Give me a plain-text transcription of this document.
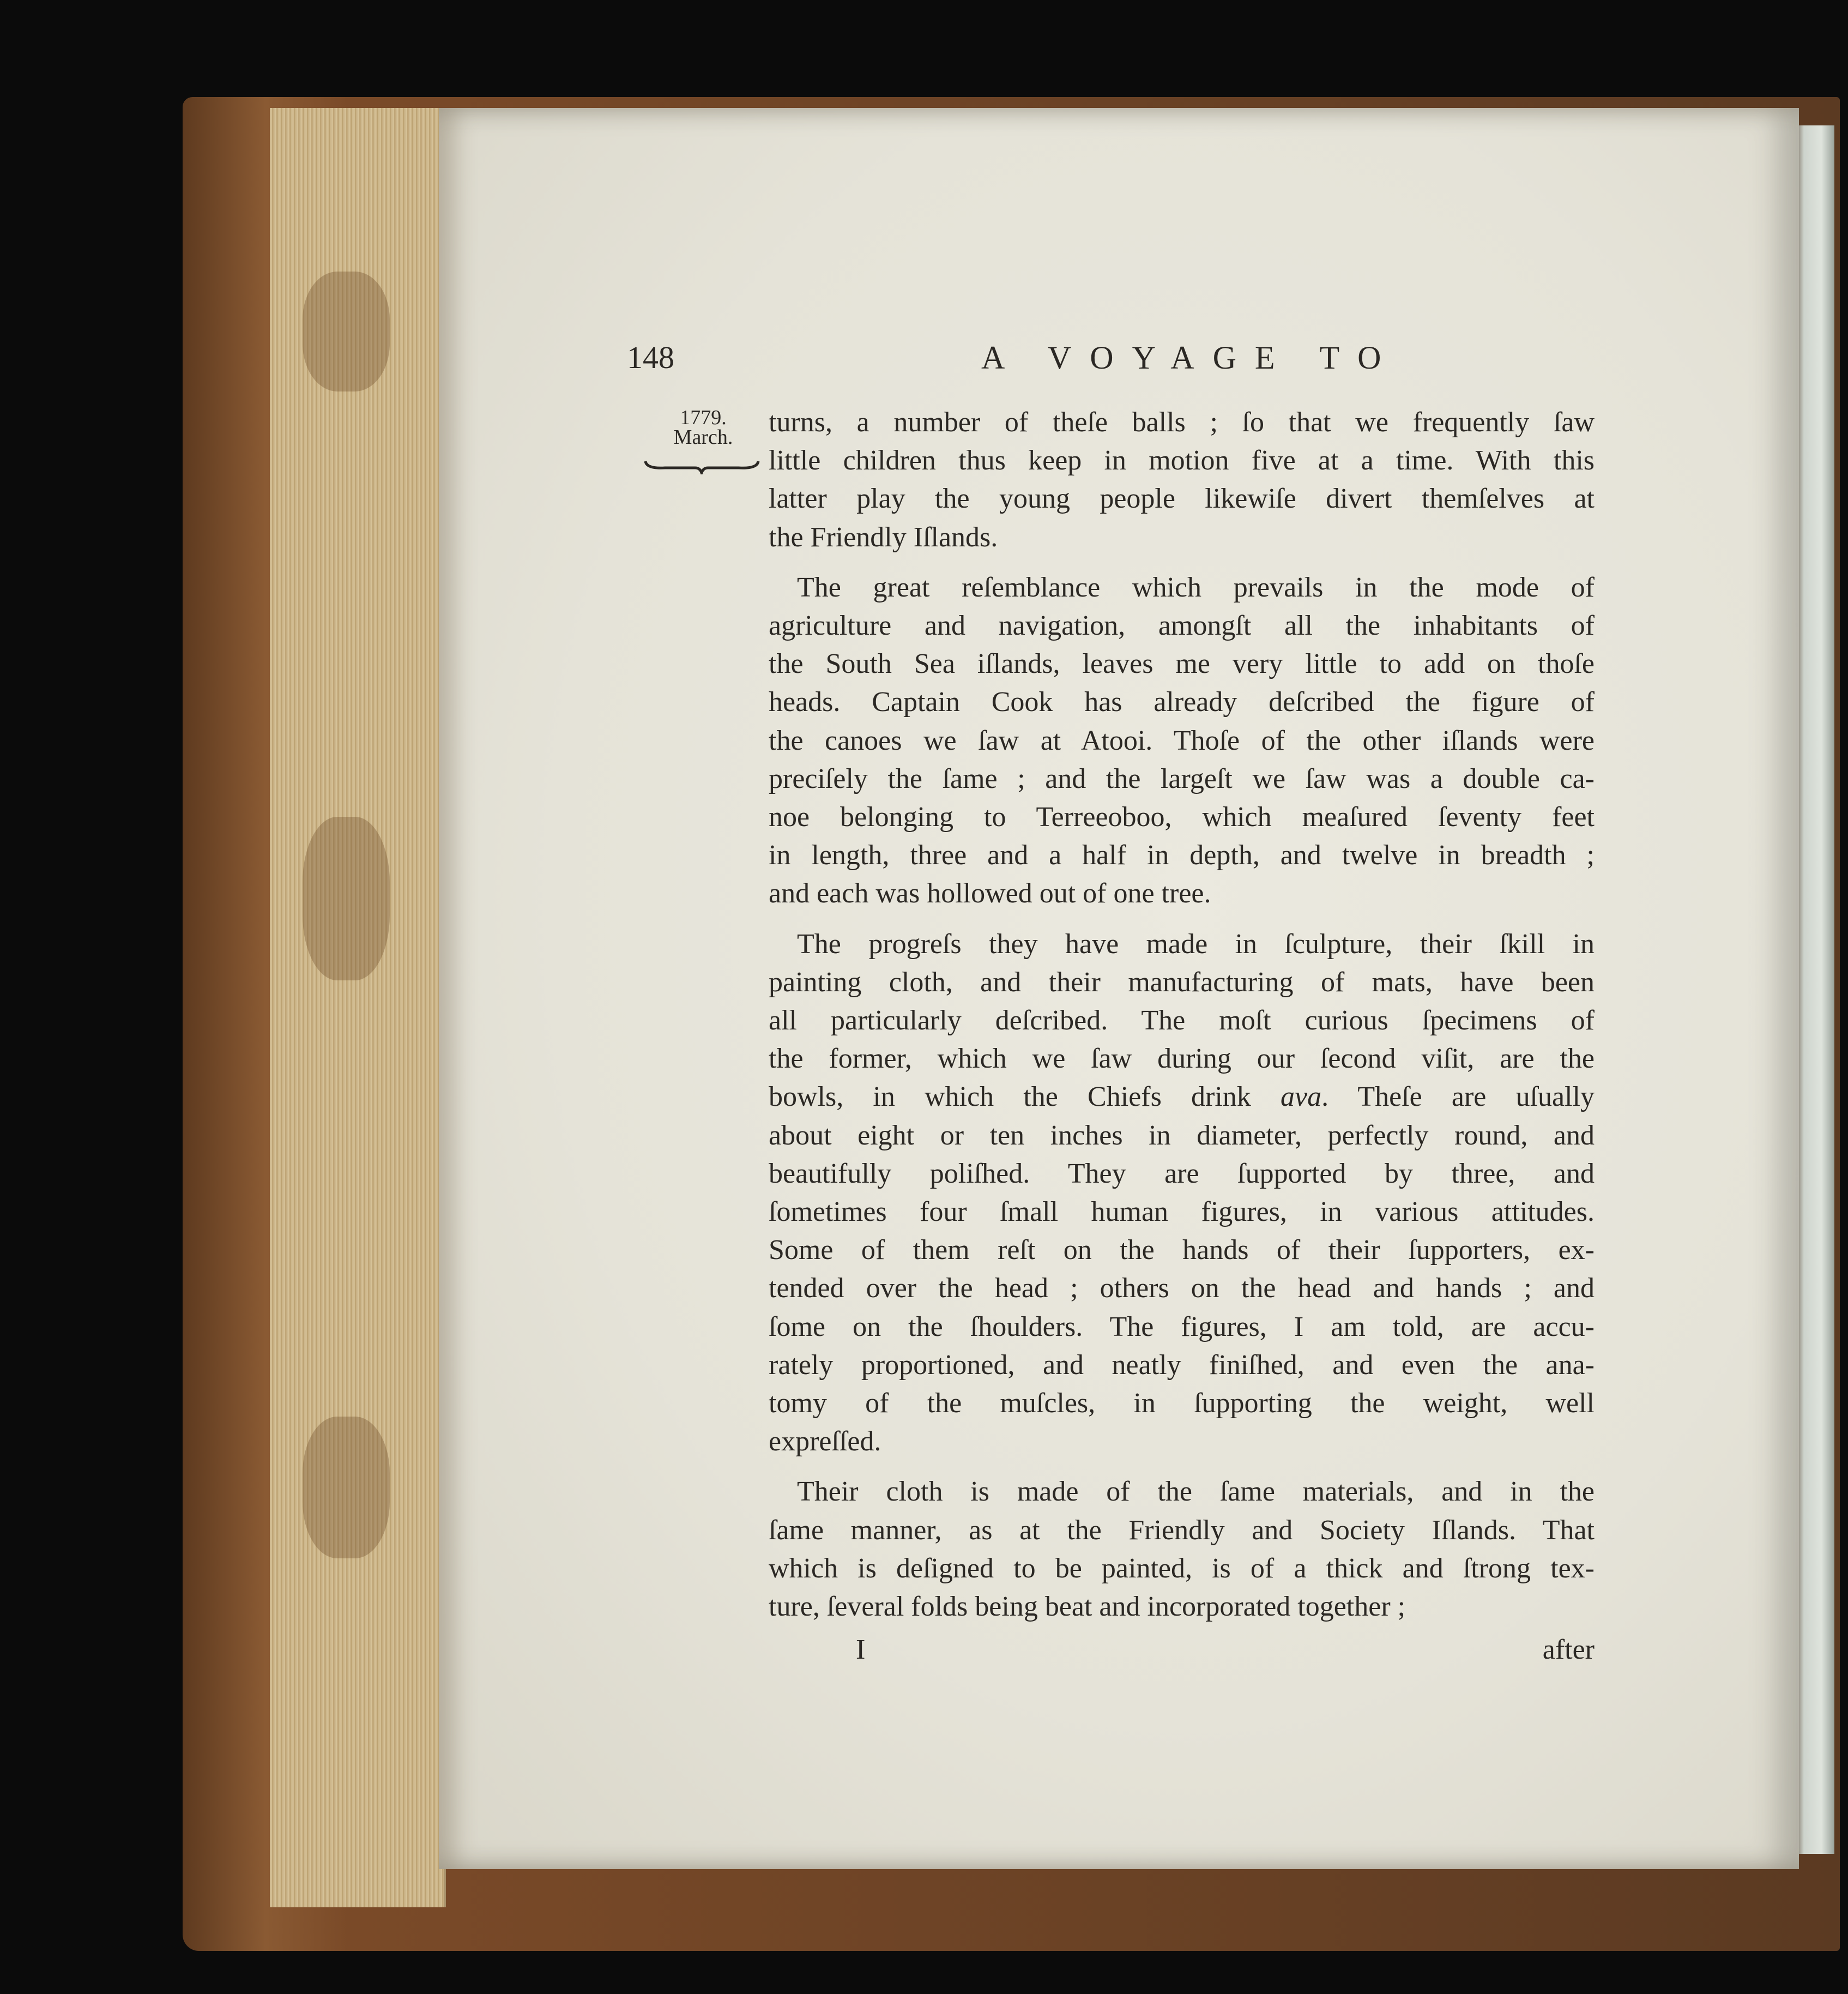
148	A VOYAGE TO
1779.
March.	turns, a number of theſe balls ; ſo that we frequently ſaw
little children thus keep in motion five at a time. With this
latter play the young people likewiſe divert themſelves at
the Friendly Iſlands.
The great reſemblance which prevails in the mode of
agriculture and navigation, amongſt all the inhabitants of
the South Sea iſlands, leaves me very little to add on thoſe
heads. Captain Cook has already deſcribed the figure of
the canoes we ſaw at Atooi. Thoſe of the other iſlands were
preciſely the ſame ; and the largeſt we ſaw was a double ca-
noe belonging to Terreeoboo, which meaſured ſeventy feet
in length, three and a half in depth, and twelve in breadth ;
and each was hollowed out of one tree.
The progreſs they have made in ſculpture, their ſkill in
painting cloth, and their manufacturing of mats, have been
all particularly deſcribed. The moſt curious ſpecimens of
the former, which we ſaw during our ſecond viſit, are the
bowls, in which the Chiefs drink ava. Theſe are uſually
about eight or ten inches in diameter, perfectly round, and
beautifully poliſhed. They are ſupported by three, and
ſometimes four ſmall human figures, in various attitudes.
Some of them reſt on the hands of their ſupporters, ex-
tended over the head ; others on the head and hands ; and
ſome on the ſhoulders. The figures, I am told, are accu-
rately proportioned, and neatly finiſhed, and even the ana-
tomy of the muſcles, in ſupporting the weight, well
expreſſed.
Their cloth is made of the ſame materials, and in the
ſame manner, as at the Friendly and Society Iſlands. That
which is deſigned to be painted, is of a thick and ſtrong tex-
ture, ſeveral folds being beat and incorporated together ;
I	after
